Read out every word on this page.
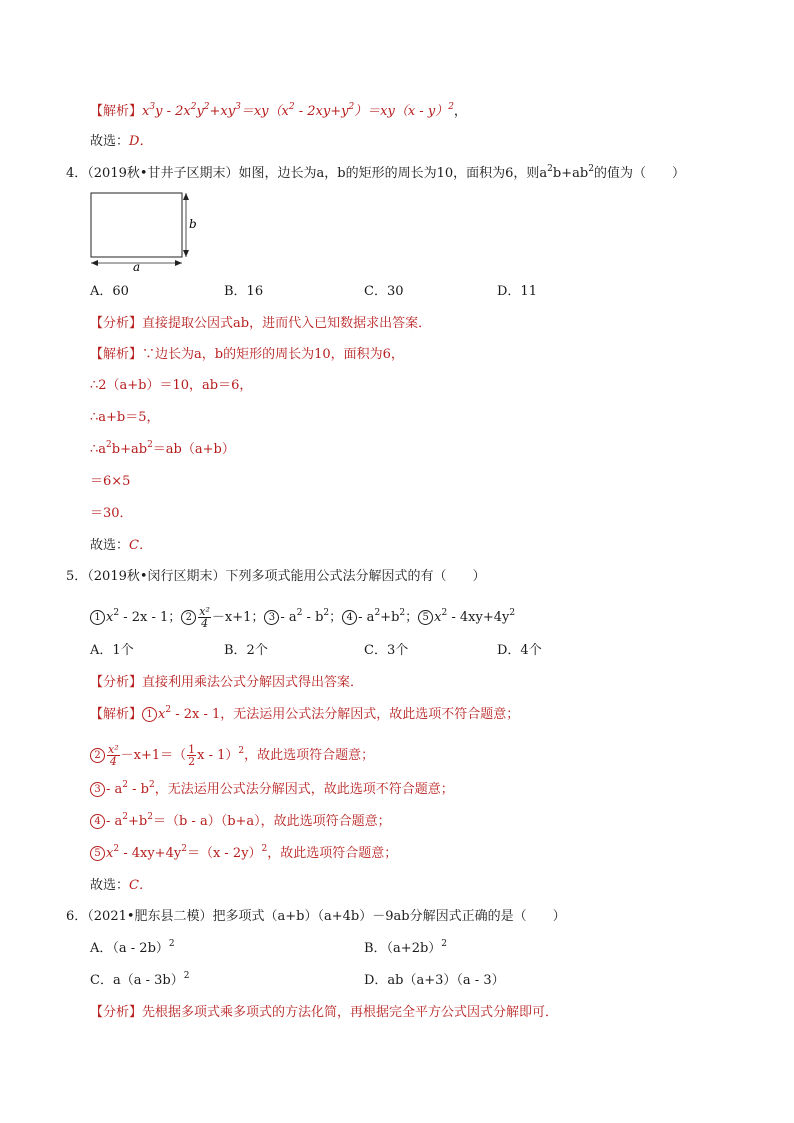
【解析】$x^3y - 2x^2y^2+xy^3=xy(x^2 - 2xy+y^2)=xy(x - y)^2$，
故选：D．
4．（2019秋•甘井子区期末）如图，边长为a，b的矩形的周长为10，面积为6，则$a^2b+ab^2$的值为（　　）
b
a
A．60	B．16	C．30	D．11
【分析】直接提取公因式ab，进而代入已知数据求出答案．
【解析】∵边长为a，b的矩形的周长为10，面积为6，
∴2（a+b）＝10，ab＝6，
∴a+b＝5，
$\therefore a^2b+ab^2=ab(a+b)$
＝6×5
＝30．
故选：C．
5．（2019秋•闵行区期末）下列多项式能用公式法分解因式的有（　　）
1 $x^2 - 2x - 1$； $2 \frac{\text{x²}}{4} -x+1$； $3 - a^2 - b^2$； $4 - a^2+b^2$； 5 $x^2 - 4xy+4y^2$
A．1个	B．2个	C．3个	D．4个
【分析】直接利用乘法公式分解因式得出答案．
【解析】 1 $x^2 - 2x - 1$，无法运用公式法分解因式，故此选项不符合题意；
$2 \frac{\text{x²}}{4} -x+1=( \frac{1}{2}$ x - 1）$^2$，故此选项符合题意；
$3 - a^2 - b^2$，无法运用公式法分解因式，故此选项不符合题意；
$4 - a^2+b^2=(b - a)(b+a)$，故此选项符合题意；
5 $x^2 - 4xy+4y^2=(x - 2y)^2$，故此选项符合题意；
故选：C．
6．（2021•肥东县二模）把多项式（a+b）（a+4b）－9ab分解因式正确的是（　　）
A．（a - 2b）$^2$	B．$(a+2b)^2$
C．a（a - 3b）$^2$	D．ab（a+3）（a - 3）
【分析】先根据多项式乘多项式的方法化简，再根据完全平方公式因式分解即可．
